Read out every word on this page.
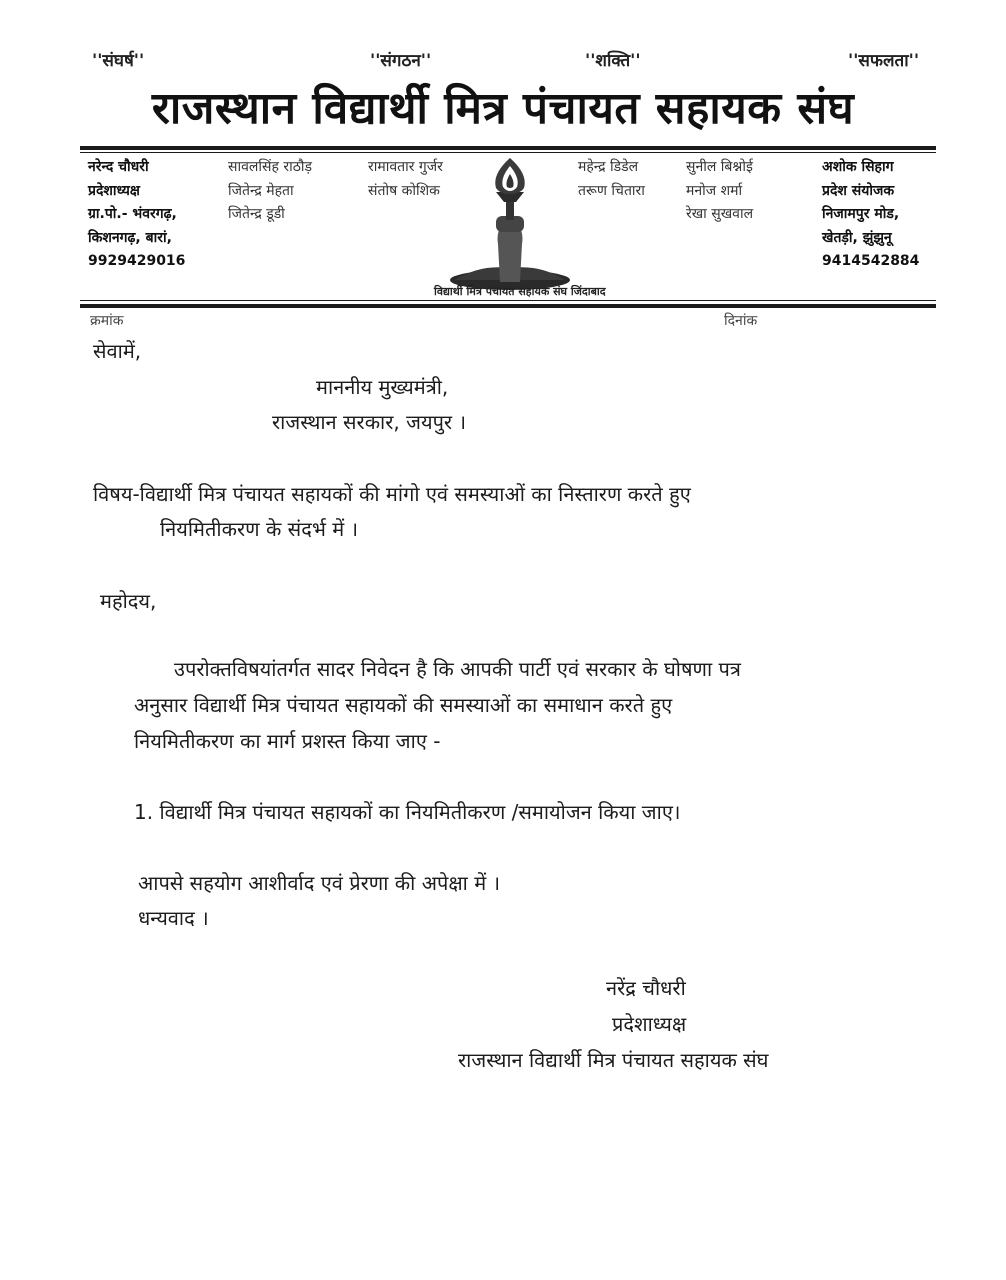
''संघर्ष''	''संगठन''	''शक्ति''	''सफलता''
राजस्थान विद्यार्थी मित्र पंचायत सहायक संघ
नरेन्द चौधरी
प्रदेशाध्यक्ष
ग्रा.पो.- भंवरगढ़,
किशनगढ़, बारां,
9929429016
सावलसिंह राठौड़
जितेन्द्र मेहता
जितेन्द्र डूडी
रामावतार गुर्जर
संतोष कोशिक
महेन्द्र डिडेल
तरूण चितारा
सुनील बिश्नोई
मनोज शर्मा
रेखा सुखवाल
अशोक सिहाग
प्रदेश संयोजक
निजामपुर मोड,
खेतड़ी, झुंझुनू
9414542884
विद्यार्थी मित्र पंचायत सहायक संघ जिंदाबाद
क्रमांक	दिनांक
सेवामें,
माननीय मुख्यमंत्री,
राजस्थान सरकार, जयपुर ।
विषय-विद्यार्थी मित्र पंचायत सहायकों की मांगो एवं समस्याओं का निस्तारण करते हुए
नियमितीकरण के संदर्भ में ।
महोदय,
उपरोक्तविषयांतर्गत सादर निवेदन है कि आपकी पार्टी एवं सरकार के घोषणा पत्र
अनुसार विद्यार्थी मित्र पंचायत सहायकों की समस्याओं का समाधान करते हुए
नियमितीकरण का मार्ग प्रशस्त किया जाए -
1. विद्यार्थी मित्र पंचायत सहायकों का नियमितीकरण /समायोजन किया जाए।
आपसे सहयोग आशीर्वाद एवं प्रेरणा की अपेक्षा में ।
धन्यवाद ।
नरेंद्र चौधरी
प्रदेशाध्यक्ष
राजस्थान विद्यार्थी मित्र पंचायत सहायक संघ
